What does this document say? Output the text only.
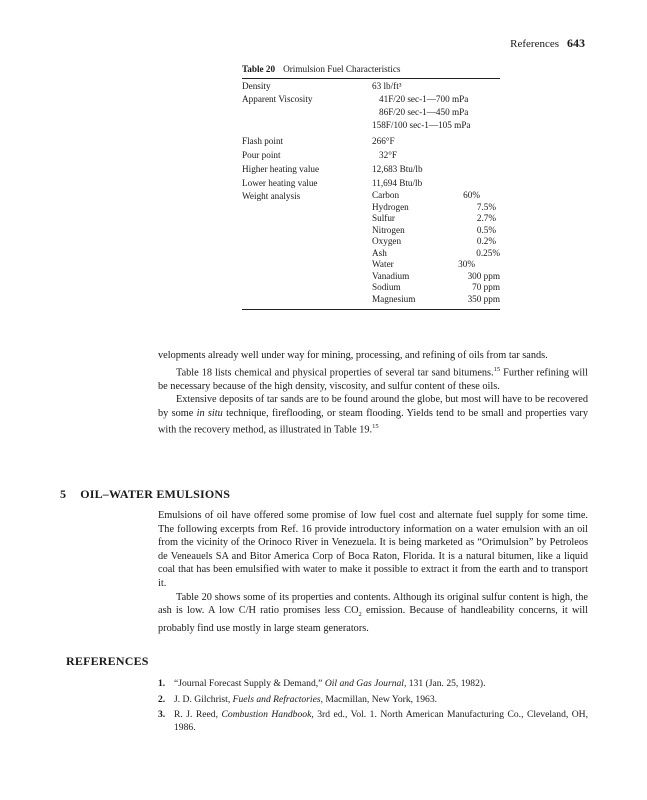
References 643
Table 20 Orimulsion Fuel Characteristics
Density	63 lb/ft³
Apparent Viscosity	41F/20 sec-1—700 mPa
86F/20 sec-1—450 mPa
158F/100 sec-1—105 mPa
Flash point	266°F
Pour point	32°F
Higher heating value	12,683 Btu/lb
Lower heating value	11,694 Btu/lb
Weight analysis	Carbon	60%
Hydrogen	7.5%
Sulfur	2.7%
Nitrogen	0.5%
Oxygen	0.2%
Ash	0.25%
Water	30%
Vanadium	300 ppm
Sodium	70 ppm
Magnesium	350 ppm

velopments already well under way for mining, processing, and refining of oils from tar sands.

Table 18 lists chemical and physical properties of several tar sand bitumens.$^{15}$ Further refining will be necessary because of the high density, viscosity, and sulfur content of these oils.

Extensive deposits of tar sands are to be found around the globe, but most will have to be recovered by some in situ technique, fireflooding, or steam flooding. Yields tend to be small and properties vary with the recovery method, as illustrated in Table 19.15

5 OIL–WATER EMULSIONS

Emulsions of oil have offered some promise of low fuel cost and alternate fuel supply for some time. The following excerpts from Ref. 16 provide introductory information on a water emulsion with an oil from the vicinity of the Orinoco River in Venezuela. It is being marketed as “Orimulsion” by Petroleos de Veneauels SA and Bitor America Corp of Boca Raton, Florida. It is a natural bitumen, like a liquid coal that has been emulsified with water to make it possible to extract it from the earth and to transport it.

Table 20 shows some of its properties and contents. Although its original sulfur content is high, the ash is low. A low C/H ratio promises less $CO_2$ emission. Because of handleability concerns, it will probably find use mostly in large steam generators.

REFERENCES
1. “Journal Forecast Supply & Demand,” Oil and Gas Journal, 131 (Jan. 25, 1982).
2. J. D. Gilchrist, Fuels and Refractories, Macmillan, New York, 1963.
3. R. J. Reed, Combustion Handbook, 3rd ed., Vol. 1. North American Manufacturing Co., Cleveland, OH, 1986.
